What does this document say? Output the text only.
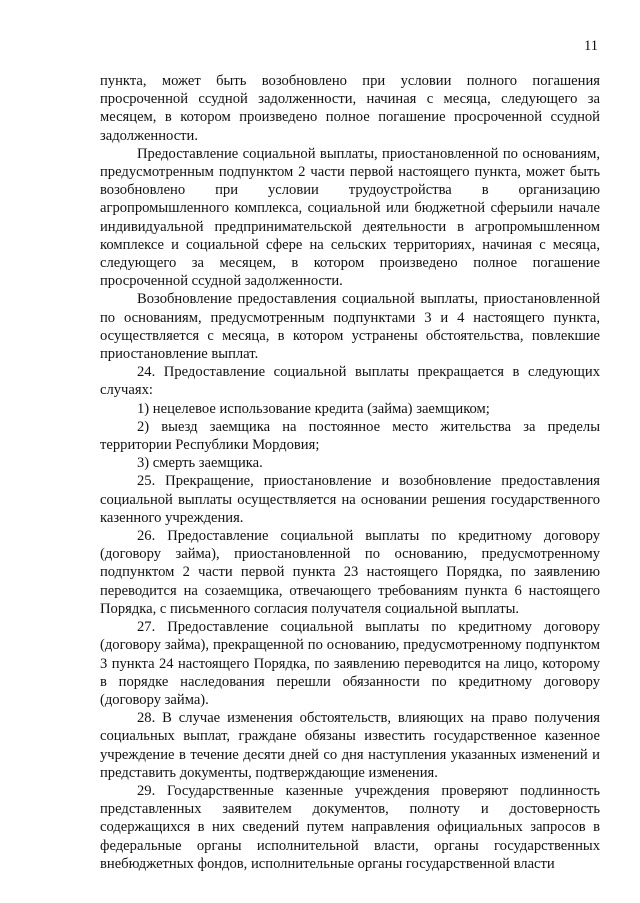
11

пункта, может быть возобновлено при условии полного погашения просроченной ссудной задолженности, начиная с месяца, следующего за месяцем, в котором произведено полное погашение просроченной ссудной задолженности.

Предоставление социальной выплаты, приостановленной по основаниям, предусмотренным подпунктом 2 части первой настоящего пункта, может быть возобновлено при условии трудоустройства в организацию агропромышленного комплекса, социальной или бюджетной сферыили начале индивидуальной предпринимательской деятельности в агропромышленном комплексе и социальной сфере на сельских территориях, начиная с месяца, следующего за месяцем, в котором произведено полное погашение просроченной ссудной задолженности.

Возобновление предоставления социальной выплаты, приостановленной по основаниям, предусмотренным подпунктами 3 и 4 настоящего пункта, осуществляется с месяца, в котором устранены обстоятельства, повлекшие приостановление выплат.

24. Предоставление социальной выплаты прекращается в следующих случаях:

1) нецелевое использование кредита (займа) заемщиком;

2) выезд заемщика на постоянное место жительства за пределы территории Республики Мордовия;

3) смерть заемщика.

25. Прекращение, приостановление и возобновление предоставления социальной выплаты осуществляется на основании решения государственного казенного учреждения.

26. Предоставление социальной выплаты по кредитному договору (договору займа), приостановленной по основанию, предусмотренному подпунктом 2 части первой пункта 23 настоящего Порядка, по заявлению переводится на созаемщика, отвечающего требованиям пункта 6 настоящего Порядка, с письменного согласия получателя социальной выплаты.

27. Предоставление социальной выплаты по кредитному договору (договору займа), прекращенной по основанию, предусмотренному подпунктом 3 пункта 24 настоящего Порядка, по заявлению переводится на лицо, которому в порядке наследования перешли обязанности по кредитному договору (договору займа).

28. В случае изменения обстоятельств, влияющих на право получения социальных выплат, граждане обязаны известить государственное казенное учреждение в течение десяти дней со дня наступления указанных изменений и представить документы, подтверждающие изменения.

29. Государственные казенные учреждения проверяют подлинность представленных заявителем документов, полноту и достоверность содержащихся в них сведений путем направления официальных запросов в федеральные органы исполнительной власти, органы государственных внебюджетных фондов, исполнительные органы государственной власти
